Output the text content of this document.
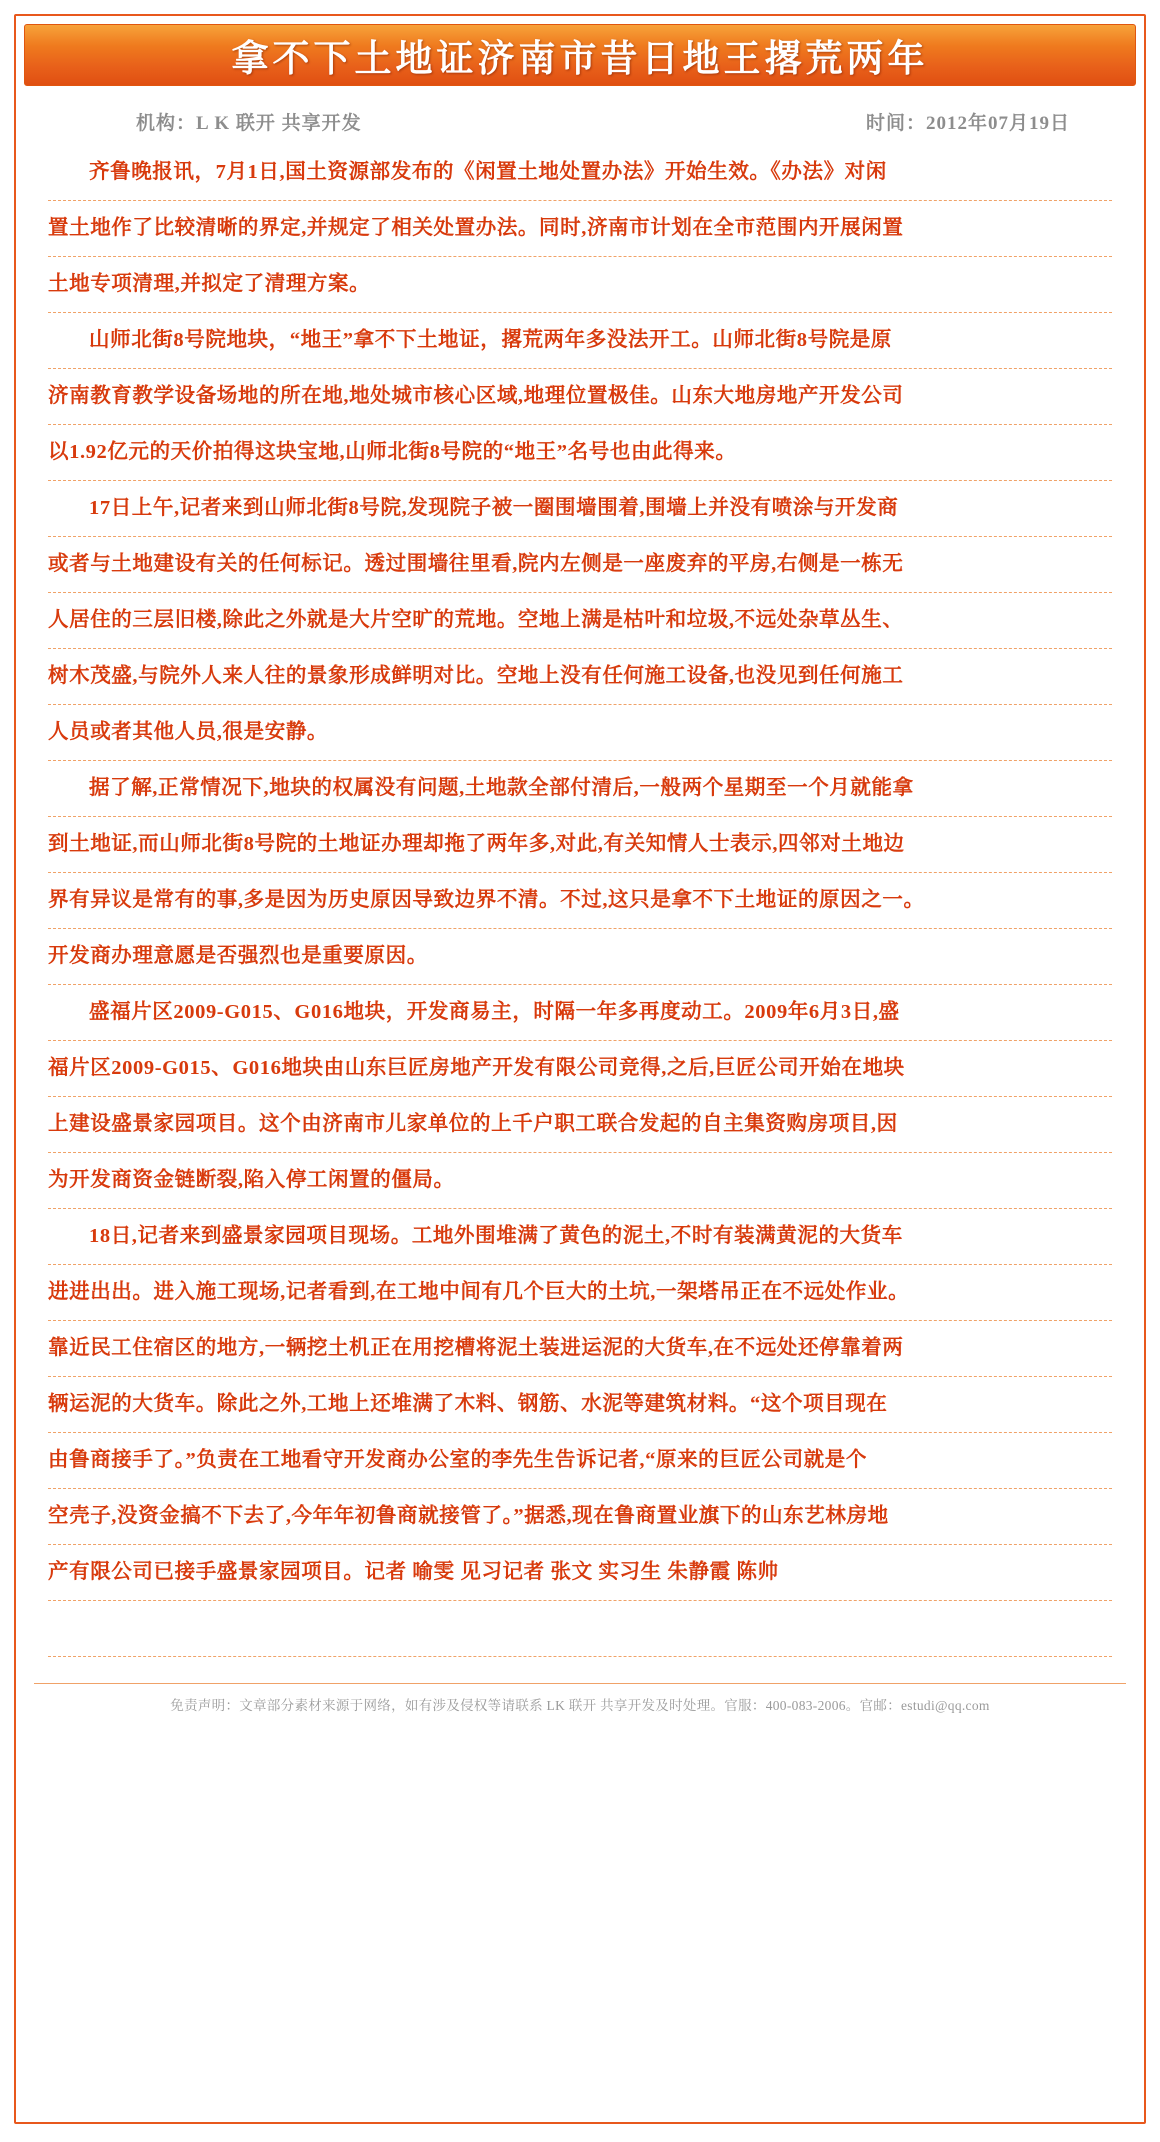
拿不下土地证济南市昔日地王撂荒两年
机构：L K 联开 共享开发	时间：2012年07月19日
齐鲁晚报讯，7月1日,国土资源部发布的《闲置土地处置办法》开始生效。《办法》对闲
置土地作了比较清晰的界定,并规定了相关处置办法。同时,济南市计划在全市范围内开展闲置
土地专项清理,并拟定了清理方案。
山师北街8号院地块，“地王”拿不下土地证，撂荒两年多没法开工。山师北街8号院是原
济南教育教学设备场地的所在地,地处城市核心区域,地理位置极佳。山东大地房地产开发公司
以1.92亿元的天价拍得这块宝地,山师北街8号院的“地王”名号也由此得来。
17日上午,记者来到山师北街8号院,发现院子被一圈围墙围着,围墙上并没有喷涂与开发商
或者与土地建设有关的任何标记。透过围墙往里看,院内左侧是一座废弃的平房,右侧是一栋无
人居住的三层旧楼,除此之外就是大片空旷的荒地。空地上满是枯叶和垃圾,不远处杂草丛生、
树木茂盛,与院外人来人往的景象形成鲜明对比。空地上没有任何施工设备,也没见到任何施工
人员或者其他人员,很是安静。
据了解,正常情况下,地块的权属没有问题,土地款全部付清后,一般两个星期至一个月就能拿
到土地证,而山师北街8号院的土地证办理却拖了两年多,对此,有关知情人士表示,四邻对土地边
界有异议是常有的事,多是因为历史原因导致边界不清。不过,这只是拿不下土地证的原因之一。
开发商办理意愿是否强烈也是重要原因。
盛福片区2009-G015、G016地块，开发商易主，时隔一年多再度动工。2009年6月3日,盛
福片区2009-G015、G016地块由山东巨匠房地产开发有限公司竞得,之后,巨匠公司开始在地块
上建设盛景家园项目。这个由济南市儿家单位的上千户职工联合发起的自主集资购房项目,因
为开发商资金链断裂,陷入停工闲置的僵局。
18日,记者来到盛景家园项目现场。工地外围堆满了黄色的泥土,不时有装满黄泥的大货车
进进出出。进入施工现场,记者看到,在工地中间有几个巨大的土坑,一架塔吊正在不远处作业。
靠近民工住宿区的地方,一辆挖土机正在用挖槽将泥土装进运泥的大货车,在不远处还停靠着两
辆运泥的大货车。除此之外,工地上还堆满了木料、钢筋、水泥等建筑材料。“这个项目现在
由鲁商接手了。”负责在工地看守开发商办公室的李先生告诉记者,“原来的巨匠公司就是个
空壳子,没资金搞不下去了,今年年初鲁商就接管了。”据悉,现在鲁商置业旗下的山东艺林房地
产有限公司已接手盛景家园项目。记者 喻雯 见习记者 张文 实习生 朱静霞 陈帅
免责声明：文章部分素材来源于网络，如有涉及侵权等请联系 LK 联开 共享开发及时处理。官服：400-083-2006。官邮：estudi@qq.com
